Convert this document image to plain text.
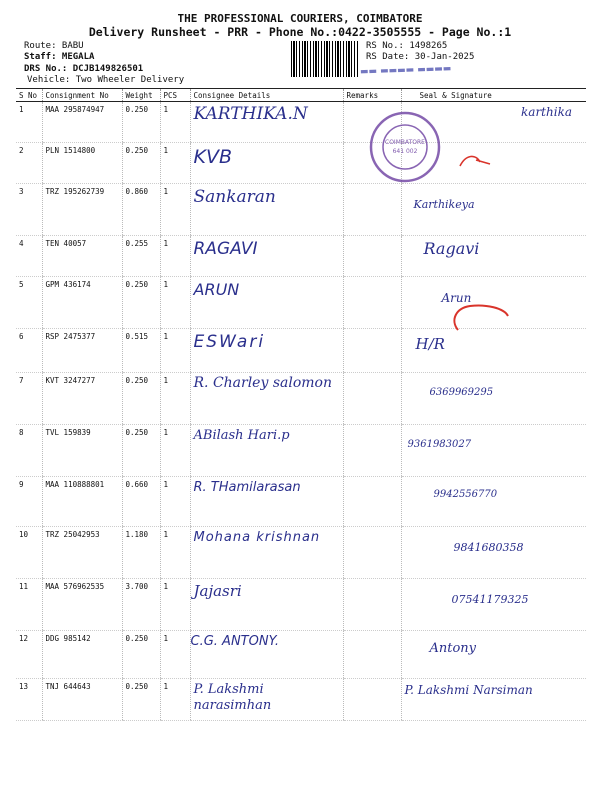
THE PROFESSIONAL COURIERS, COIMBATORE
Delivery Runsheet - PRR - Phone No.:0422-3505555 - Page No.:1
Route: BABU
Staff: MEGALA
DRS No.: DCJB149826501
Vehicle: Two Wheeler Delivery
RS No.: 1498265
RS Date: 30-Jan-2025
▬▬ ▬▬▬▬ ▬▬▬▬
S No	Consignment No	Weight	PCS	Consignee Details	Remarks	Seal & Signature
1	MAA 295874947	0.250	1	KARTHIKA.N		karthika
2	PLN 1514800	0.250	1	KVB		
3	TRZ 195262739	0.860	1	Sankaran		Karthikeya
4	TEN 40057	0.255	1	RAGAVI		Ragavi
5	GPM 436174	0.250	1	ARUN		Arun
6	RSP 2475377	0.515	1	ESWari		H/R
7	KVT 3247277	0.250	1	R. Charley salomon		6369969295
8	TVL 159839	0.250	1	ABilash Hari.p		9361983027
9	MAA 110888801	0.660	1	R. THamilarasan		9942556770
10	TRZ 25042953	1.180	1	Mohana krishnan		9841680358
11	MAA 576962535	3.700	1	Jajasri		07541179325
12	DDG 985142	0.250	1	C.G. ANTONY.		Antony
13	TNJ 644643	0.250	1	P. Lakshmi narasimhan		P. Lakshmi Narsiman
COIMBATORE
641 002
